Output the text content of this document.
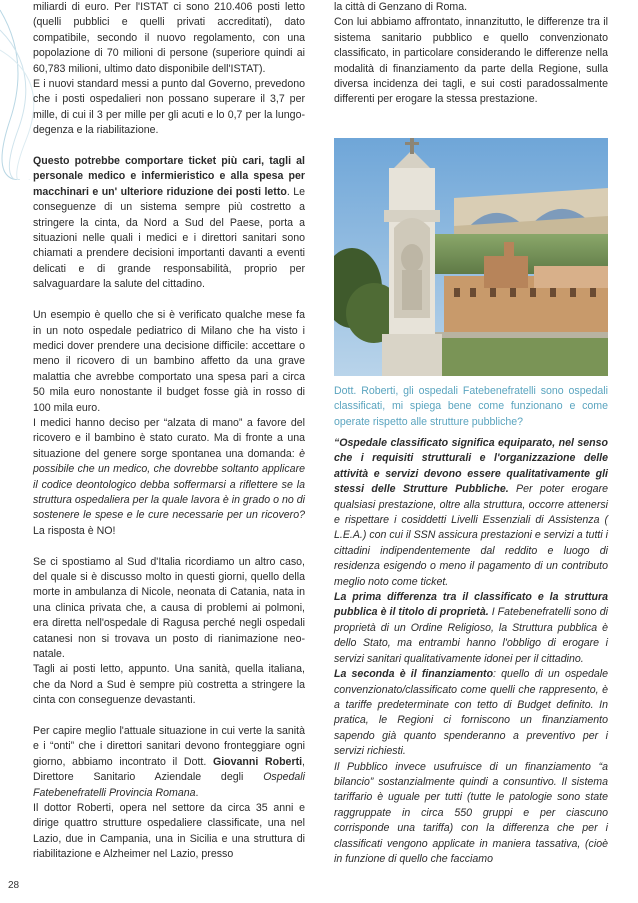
miliardi di euro. Per l'ISTAT ci sono 210.406 posti letto (quelli pubblici e quelli privati accreditati), dato compatibile, secondo il nuovo regolamento, con una popolazione di 70 milioni di persone (superiore quindi ai 60,783 milioni, ultimo dato disponibile dell'ISTAT).

E i nuovi standard messi a punto dal Governo, prevedono che i posti ospedalieri non possano superare il 3,7 per mille, di cui il 3 per mille per gli acuti e lo 0,7 per la lungo-degenza e la riabilitazione.

Questo potrebbe comportare ticket più cari, tagli al personale medico e infermieristico e alla spesa per macchinari e un' ulteriore riduzione dei posti letto. Le conseguenze di un sistema sempre più costretto a stringere la cinta, da Nord a Sud del Paese, porta a situazioni nelle quali i medici e i direttori sanitari sono chiamati a prendere decisioni importanti davanti a eventi delicati e di grande responsabilità, proprio per salvaguardare la salute del cittadino.

Un esempio è quello che si è verificato qualche mese fa in un noto ospedale pediatrico di Milano che ha visto i medici dover prendere una decisione difficile: accettare o meno il ricovero di un bambino affetto da una grave malattia che avrebbe comportato una spesa pari a circa 50 mila euro nonostante il budget fosse già in rosso di 100 mila euro.

I medici hanno deciso per “alzata di mano” a favore del ricovero e il bambino è stato curato. Ma di fronte a una situazione del genere sorge spontanea una domanda: è possibile che un medico, che dovrebbe soltanto applicare il codice deontologico debba soffermarsi a riflettere se la struttura ospedaliera per la quale lavora è in grado o no di sostenere le spese e le cure necessarie per un ricovero? La risposta è NO!

Se ci spostiamo al Sud d'Italia ricordiamo un altro caso, del quale si è discusso molto in questi giorni, quello della morte in ambulanza di Nicole, neonata di Catania, nata in una clinica privata che, a causa di problemi ai polmoni, era diretta nell'ospedale di Ragusa perché negli ospedali catanesi non si trovava un posto di rianimazione neo-natale.

Tagli ai posti letto, appunto. Una sanità, quella italiana, che da Nord a Sud è sempre più costretta a stringere la cinta con conseguenze devastanti.

Per capire meglio l'attuale situazione in cui verte la sanità e i “onti” che i direttori sanitari devono fronteggiare ogni giorno, abbiamo incontrato il Dott. Giovanni Roberti, Direttore Sanitario Aziendale degli Ospedali Fatebenefratelli Provincia Romana.

Il dottor Roberti, opera nel settore da circa 35 anni e dirige quattro strutture ospedaliere classificate, una nel Lazio, due in Campania, una in Sicilia e una struttura di riabilitazione e Alzheimer nel Lazio, presso

la città di Genzano di Roma.

Con lui abbiamo affrontato, innanzitutto, le differenze tra il sistema sanitario pubblico e quello convenzionato classificato, in particolare considerando le differenze nella modalità di finanziamento da parte della Regione, sulla diversa incidenza dei tagli, e sui costi paradossalmente differenti per erogare la stessa prestazione.

Dott. Roberti, gli ospedali Fatebenefratelli sono ospedali classificati, mi spiega bene come funzionano e come operate rispetto alle strutture pubbliche?

“Ospedale classificato significa equiparato, nel senso che i requisiti strutturali e l'organizzazione delle attività e servizi devono essere qualitativamente gli stessi delle Strutture Pubbliche. Per poter erogare qualsiasi prestazione, oltre alla struttura, occorre attenersi e rispettare i cosiddetti Livelli Essenziali di Assistenza ( L.E.A.) con cui il SSN assicura prestazioni e servizi a tutti i cittadini indipendentemente dal reddito e luogo di residenza esigendo o meno il pagamento di un contributo meglio noto come ticket.

La prima differenza tra il classificato e la struttura pubblica è il titolo di proprietà. I Fatebenefratelli sono di proprietà di un Ordine Religioso, la Struttura pubblica è dello Stato, ma entrambi hanno l'obbligo di erogare i servizi sanitari qualitativamente idonei per il cittadino.

La seconda è il finanziamento: quello di un ospedale convenzionato/classificato come quelli che rappresento, è a tariffe predeterminate con tetto di Budget definito. In pratica, le Regioni ci forniscono un finanziamento sapendo già quanto spenderanno a preventivo per i servizi richiesti.

Il Pubblico invece usufruisce di un finanziamento “a bilancio” sostanzialmente quindi a consuntivo. Il sistema tariffario è uguale per tutti (tutte le patologie sono state raggruppate in circa 550 gruppi e per ciascuno corrisponde una tariffa) con la differenza che per i classificati vengono applicate in maniera tassativa, (cioè in funzione di quello che facciamo

28
